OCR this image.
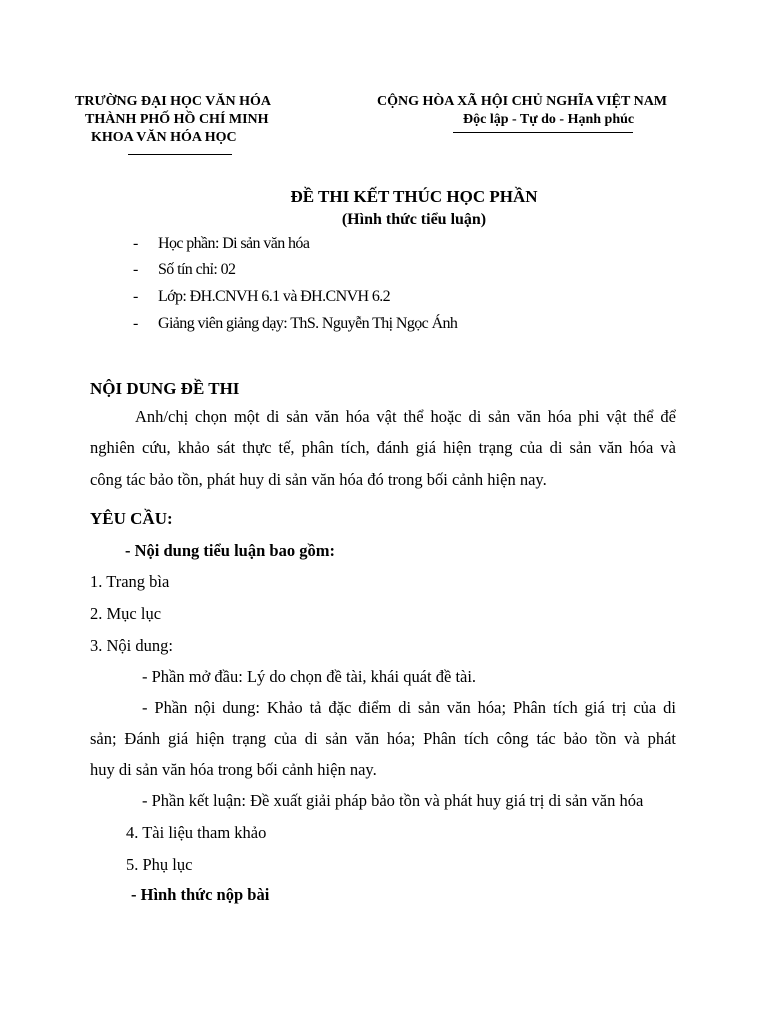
TRƯỜNG ĐẠI HỌC VĂN HÓA
THÀNH PHỐ HỒ CHÍ MINH
KHOA VĂN HÓA HỌC
CỘNG HÒA XÃ HỘI CHỦ NGHĨA VIỆT NAM
Độc lập - Tự do - Hạnh phúc
ĐỀ THI KẾT THÚC HỌC PHẦN
(Hình thức tiểu luận)
- Học phần: Di sản văn hóa
- Số tín chỉ: 02
- Lớp: ĐH.CNVH 6.1 và ĐH.CNVH 6.2
- Giảng viên giảng dạy: ThS. Nguyễn Thị Ngọc Ánh
NỘI DUNG ĐỀ THI
Anh/chị chọn một di sản văn hóa vật thể hoặc di sản văn hóa phi vật thể để
nghiên cứu, khảo sát thực tế, phân tích, đánh giá hiện trạng của di sản văn hóa và
công tác bảo tồn, phát huy di sản văn hóa đó trong bối cảnh hiện nay.
YÊU CẦU:
- Nội dung tiểu luận bao gồm:
1. Trang bìa
2. Mục lục
3. Nội dung:
- Phần mở đầu: Lý do chọn đề tài, khái quát đề tài.
- Phần nội dung: Khảo tả đặc điểm di sản văn hóa; Phân tích giá trị của di
sản; Đánh giá hiện trạng của di sản văn hóa; Phân tích công tác bảo tồn và phát
huy di sản văn hóa trong bối cảnh hiện nay.
- Phần kết luận: Đề xuất giải pháp bảo tồn và phát huy giá trị di sản văn hóa
4. Tài liệu tham khảo
5. Phụ lục
- Hình thức nộp bài
